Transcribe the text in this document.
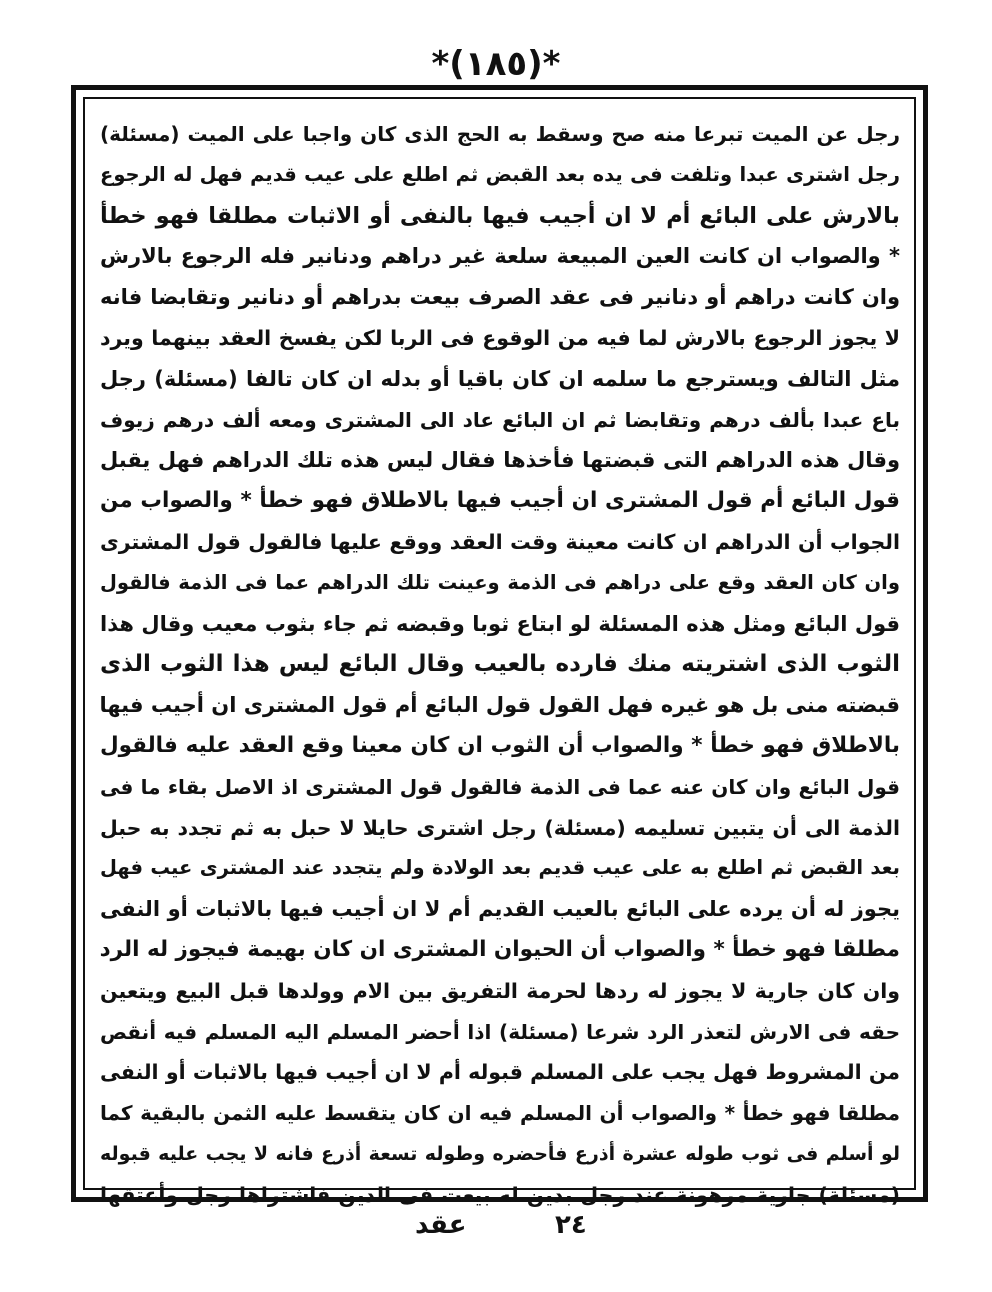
*(١٨٥)*
رجل عن الميت تبرعا منه صح وسقط به الحج الذى كان واجبا على الميت (مسئلة)
رجل اشترى عبدا وتلفت فى يده بعد القبض ثم اطلع على عيب قديم فهل له الرجوع
بالارش على البائع أم لا ان أجيب فيها بالنفى أو الاثبات مطلقا فهو خطأ
* والصواب ان كانت العين المبيعة سلعة غير دراهم ودنانير فله الرجوع بالارش
وان كانت دراهم أو دنانير فى عقد الصرف بيعت بدراهم أو دنانير وتقابضا فانه
لا يجوز الرجوع بالارش لما فيه من الوقوع فى الربا لكن يفسخ العقد بينهما ويرد
مثل التالف ويسترجع ما سلمه ان كان باقيا أو بدله ان كان تالفا (مسئلة) رجل
باع عبدا بألف درهم وتقابضا ثم ان البائع عاد الى المشترى ومعه ألف درهم زيوف
وقال هذه الدراهم التى قبضتها فأخذها فقال ليس هذه تلك الدراهم فهل يقبل
قول البائع أم قول المشترى ان أجيب فيها بالاطلاق فهو خطأ * والصواب من
الجواب أن الدراهم ان كانت معينة وقت العقد ووقع عليها فالقول قول المشترى
وان كان العقد وقع على دراهم فى الذمة وعينت تلك الدراهم عما فى الذمة فالقول
قول البائع ومثل هذه المسئلة لو ابتاع ثوبا وقبضه ثم جاء بثوب معيب وقال هذا
الثوب الذى اشتريته منك فارده بالعيب وقال البائع ليس هذا الثوب الذى
قبضته منى بل هو غيره فهل القول قول البائع أم قول المشترى ان أجيب فيها
بالاطلاق فهو خطأ * والصواب أن الثوب ان كان معينا وقع العقد عليه فالقول
قول البائع وان كان عنه عما فى الذمة فالقول قول المشترى اذ الاصل بقاء ما فى
الذمة الى أن يتبين تسليمه (مسئلة) رجل اشترى حايلا لا حبل به ثم تجدد به حبل
بعد القبض ثم اطلع به على عيب قديم بعد الولادة ولم يتجدد عند المشترى عيب فهل
يجوز له أن يرده على البائع بالعيب القديم أم لا ان أجيب فيها بالاثبات أو النفى
مطلقا فهو خطأ * والصواب أن الحيوان المشترى ان كان بهيمة فيجوز له الرد
وان كان جارية لا يجوز له ردها لحرمة التفريق بين الام وولدها قبل البيع ويتعين
حقه فى الارش لتعذر الرد شرعا (مسئلة) اذا أحضر المسلم اليه المسلم فيه أنقص
من المشروط فهل يجب على المسلم قبوله أم لا ان أجيب فيها بالاثبات أو النفى
مطلقا فهو خطأ * والصواب أن المسلم فيه ان كان يتقسط عليه الثمن بالبقية كما
لو أسلم فى ثوب طوله عشرة أذرع فأحضره وطوله تسعة أذرع فانه لا يجب عليه قبوله
(مسئلة) جارية مرهونة عند رجل بدين له بيعت فى الدين فاشتراها رجل وأعتقها
٢٤
عقد
